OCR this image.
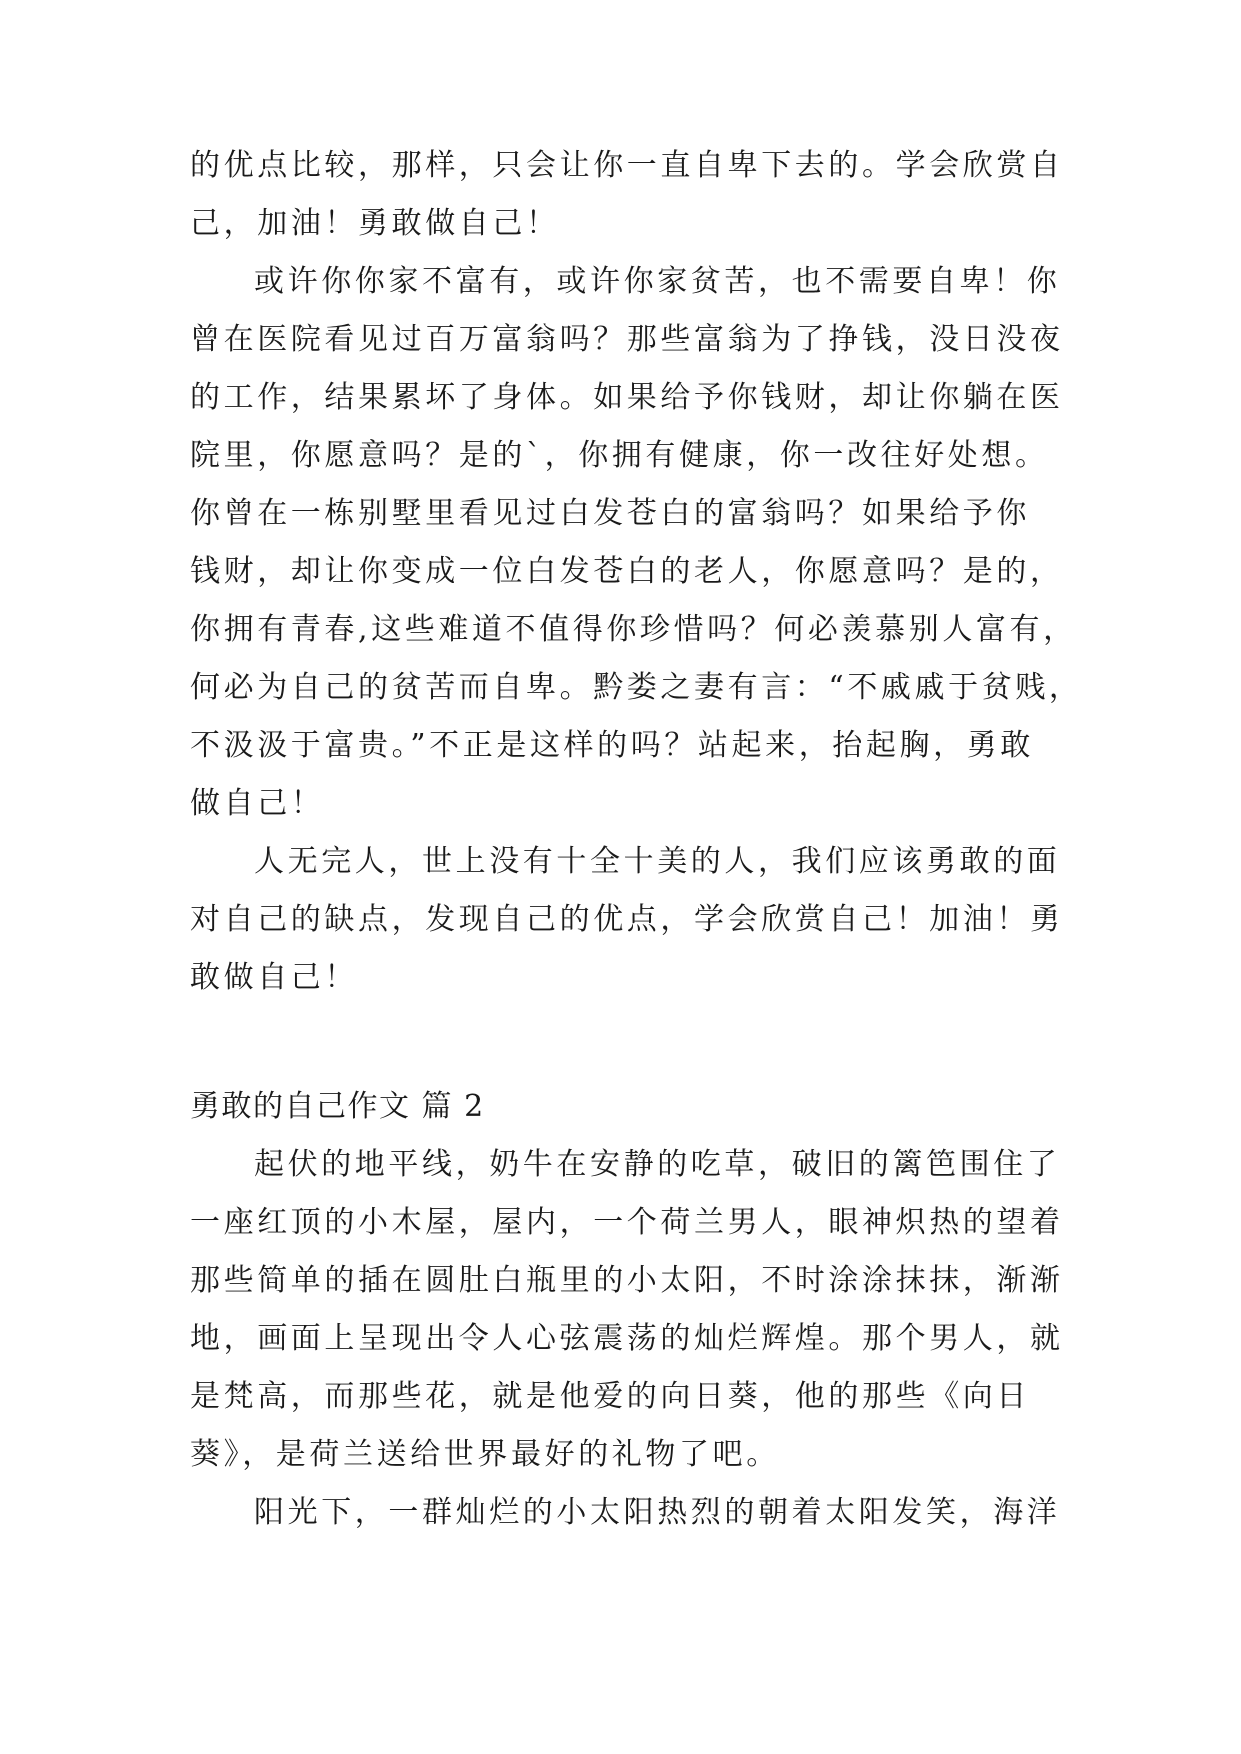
的优点比较，那样，只会让你一直自卑下去的。学会欣赏自
己，加油！勇敢做自己！
或许你你家不富有，或许你家贫苦，也不需要自卑！你
曾在医院看见过百万富翁吗？那些富翁为了挣钱，没日没夜
的工作，结果累坏了身体。如果给予你钱财，却让你躺在医
院里，你愿意吗？是的`，你拥有健康，你一改往好处想。
你曾在一栋别墅里看见过白发苍白的富翁吗？如果给予你
钱财，却让你变成一位白发苍白的老人，你愿意吗？是的，
你拥有青春,这些难道不值得你珍惜吗？何必羡慕别人富有，
何必为自己的贫苦而自卑。黔娄之妻有言：“不戚戚于贫贱，
不汲汲于富贵。”不正是这样的吗？站起来，抬起胸，勇敢
做自己！
人无完人，世上没有十全十美的人，我们应该勇敢的面
对自己的缺点，发现自己的优点，学会欣赏自己！加油！勇
敢做自己！
勇敢的自己作文 篇 2
起伏的地平线，奶牛在安静的吃草，破旧的篱笆围住了
一座红顶的小木屋，屋内，一个荷兰男人，眼神炽热的望着
那些简单的插在圆肚白瓶里的小太阳，不时涂涂抹抹，渐渐
地，画面上呈现出令人心弦震荡的灿烂辉煌。那个男人，就
是梵高，而那些花，就是他爱的向日葵，他的那些《向日
葵》，是荷兰送给世界最好的礼物了吧。
阳光下，一群灿烂的小太阳热烈的朝着太阳发笑，海洋
